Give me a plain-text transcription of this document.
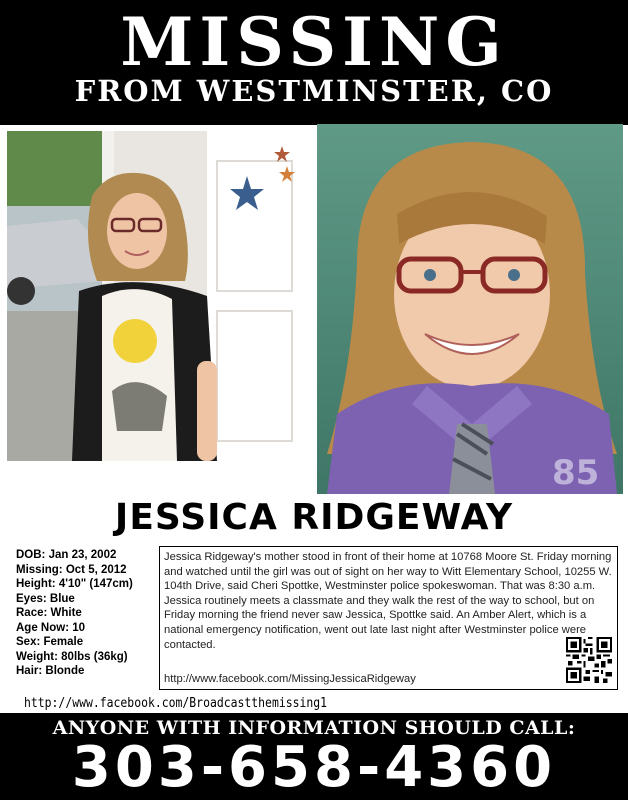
MISSING
FROM WESTMINSTER, CO
85
JESSICA RIDGEWAY
DOB: Jan 23, 2002
Missing: Oct 5, 2012
Height: 4'10" (147cm)
Eyes: Blue
Race: White
Age Now: 10
Sex: Female
Weight: 80lbs (36kg)
Hair: Blonde
Jessica Ridgeway's mother stood in front of their home at 10768 Moore St. Friday morning and watched until the girl was out of sight on her way to Witt Elementary School, 10255 W. 104th Drive, said Cheri Spottke, Westminster police spokeswoman. That was 8:30 a.m. Jessica routinely meets a classmate and they walk the rest of the way to school, but on Friday morning the friend never saw Jessica, Spottke said. An Amber Alert, which is a national emergency notification, went out late last night after Westminster police were contacted.
http://www.facebook.com/MissingJessicaRidgeway
http://www.facebook.com/Broadcastthemissing1
ANYONE WITH INFORMATION SHOULD CALL:
303-658-4360
